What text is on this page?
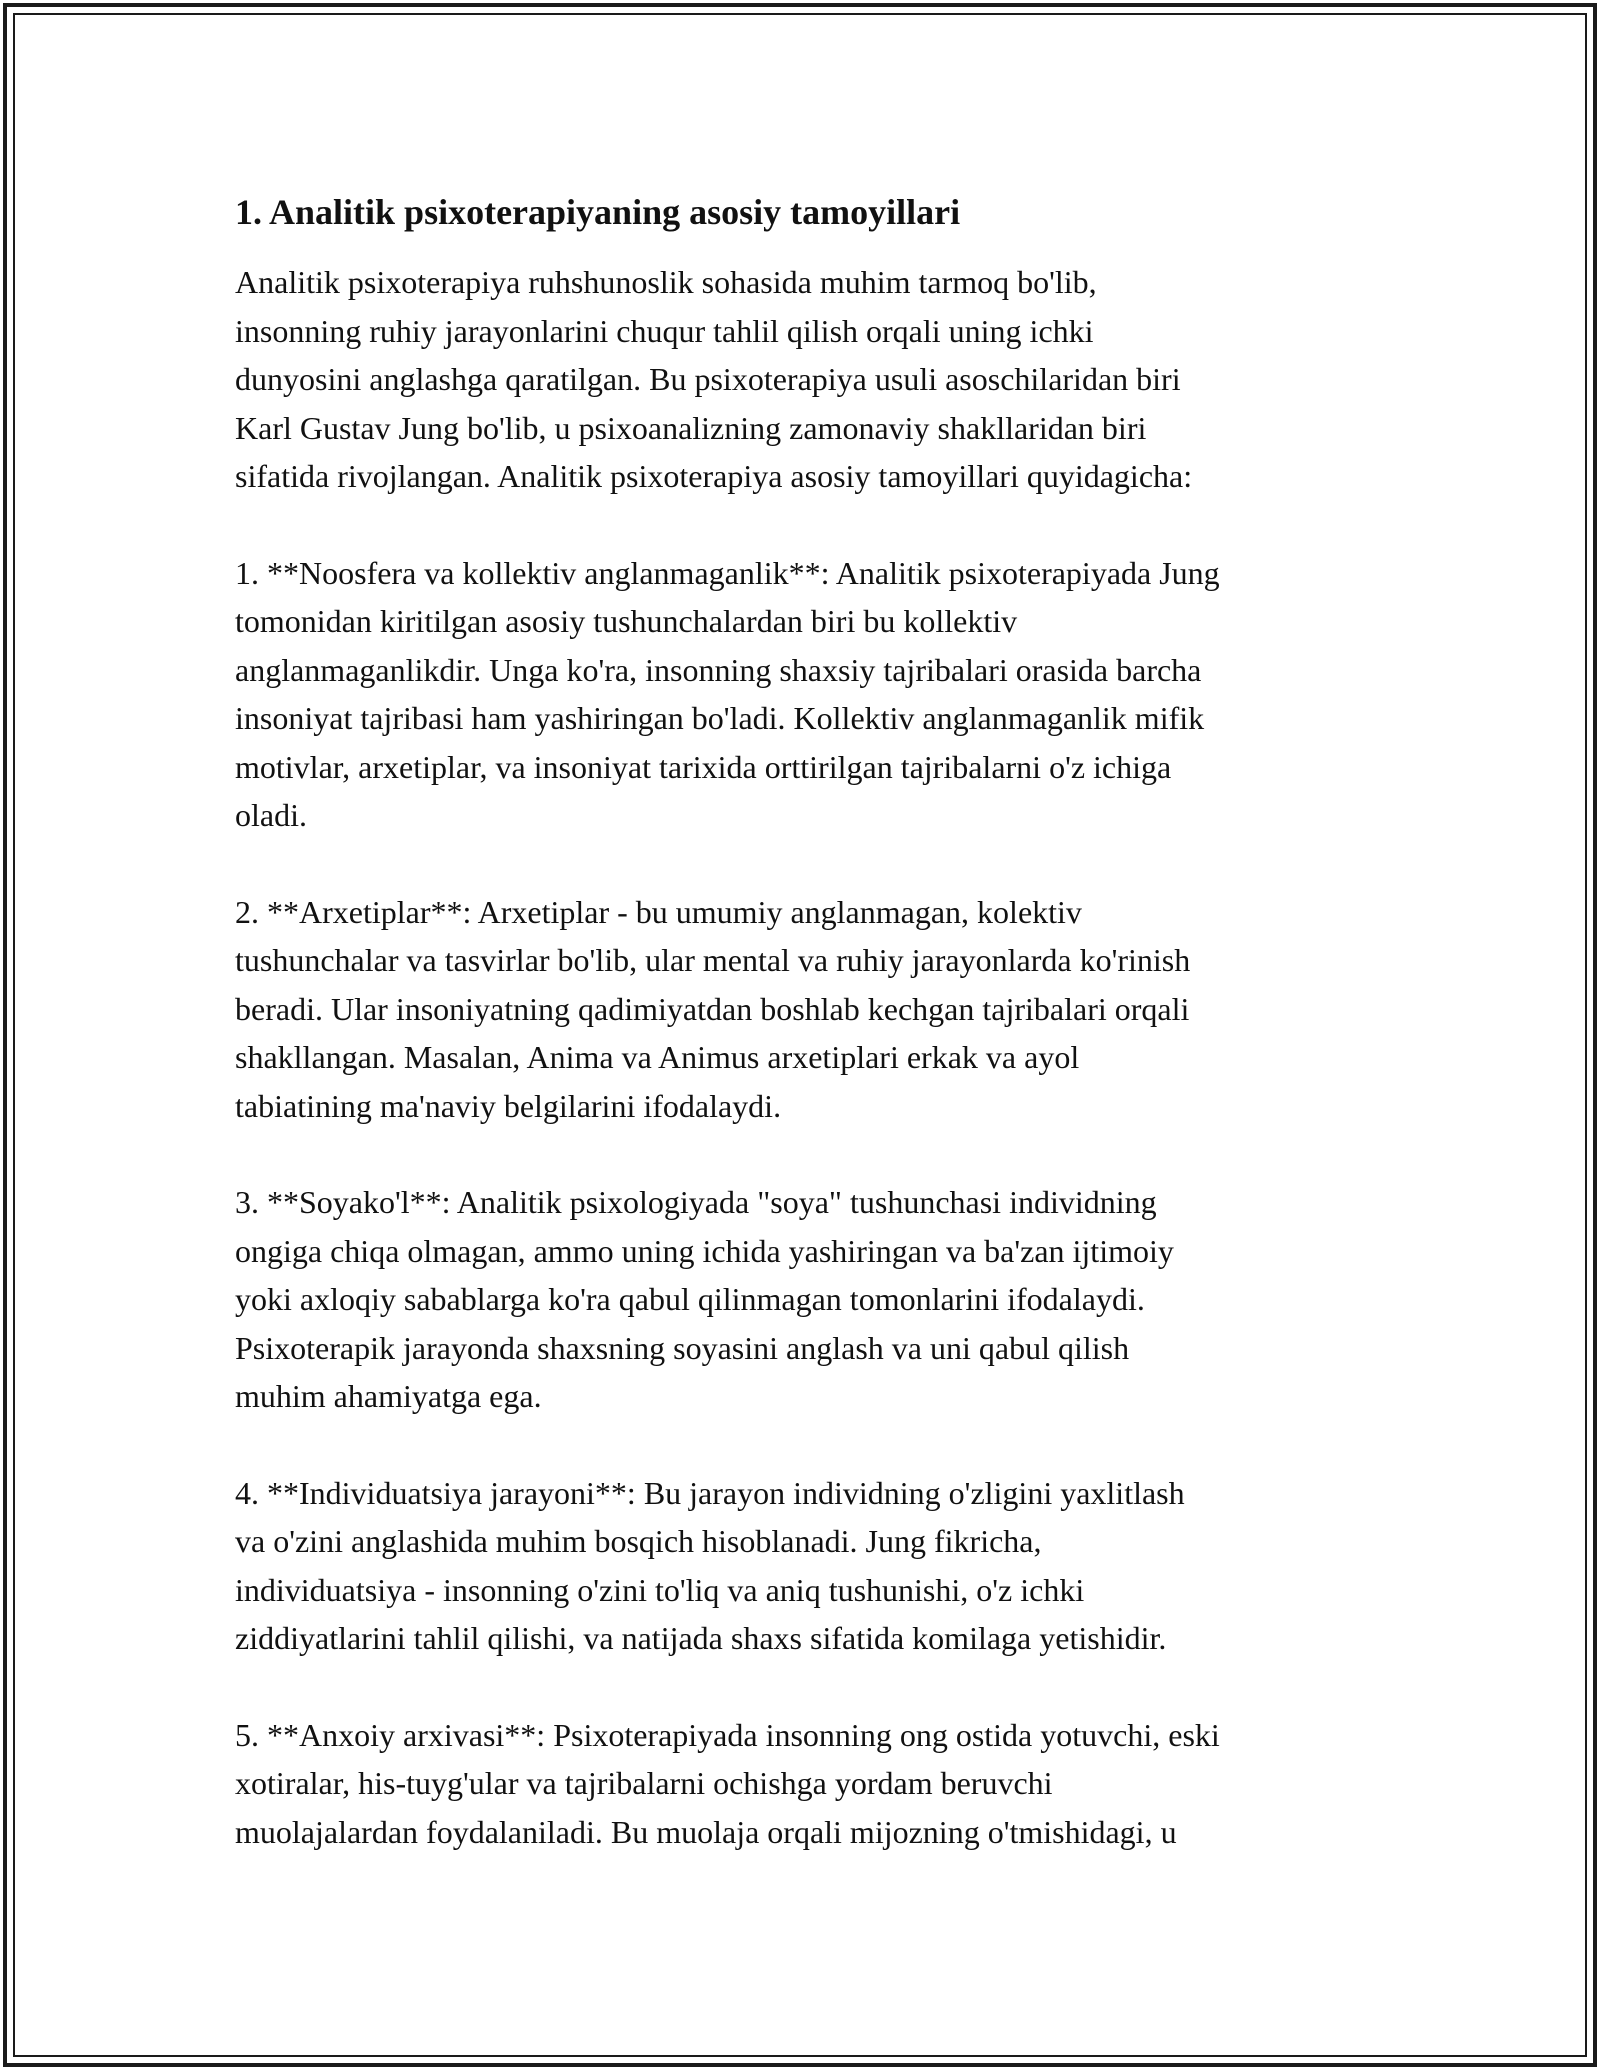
1. Analitik psixoterapiyaning asosiy tamoyillari

Analitik psixoterapiya ruhshunoslik sohasida muhim tarmoq bo'lib,
insonning ruhiy jarayonlarini chuqur tahlil qilish orqali uning ichki
dunyosini anglashga qaratilgan. Bu psixoterapiya usuli asoschilaridan biri
Karl Gustav Jung bo'lib, u psixoanalizning zamonaviy shakllaridan biri
sifatida rivojlangan. Analitik psixoterapiya asosiy tamoyillari quyidagicha:

1. **Noosfera va kollektiv anglanmaganlik**: Analitik psixoterapiyada Jung
tomonidan kiritilgan asosiy tushunchalardan biri bu kollektiv
anglanmaganlikdir. Unga ko'ra, insonning shaxsiy tajribalari orasida barcha
insoniyat tajribasi ham yashiringan bo'ladi. Kollektiv anglanmaganlik mifik
motivlar, arxetiplar, va insoniyat tarixida orttirilgan tajribalarni o'z ichiga
oladi.

2. **Arxetiplar**: Arxetiplar - bu umumiy anglanmagan, kolektiv
tushunchalar va tasvirlar bo'lib, ular mental va ruhiy jarayonlarda ko'rinish
beradi. Ular insoniyatning qadimiyatdan boshlab kechgan tajribalari orqali
shakllangan. Masalan, Anima va Animus arxetiplari erkak va ayol
tabiatining ma'naviy belgilarini ifodalaydi.

3. **Soyako'l**: Analitik psixologiyada "soya" tushunchasi individning
ongiga chiqa olmagan, ammo uning ichida yashiringan va ba'zan ijtimoiy
yoki axloqiy sabablarga ko'ra qabul qilinmagan tomonlarini ifodalaydi.
Psixoterapik jarayonda shaxsning soyasini anglash va uni qabul qilish
muhim ahamiyatga ega.

4. **Individuatsiya jarayoni**: Bu jarayon individning o'zligini yaxlitlash
va o'zini anglashida muhim bosqich hisoblanadi. Jung fikricha,
individuatsiya - insonning o'zini to'liq va aniq tushunishi, o'z ichki
ziddiyatlarini tahlil qilishi, va natijada shaxs sifatida komilaga yetishidir.

5. **Anxoiy arxivasi**: Psixoterapiyada insonning ong ostida yotuvchi, eski
xotiralar, his-tuyg'ular va tajribalarni ochishga yordam beruvchi
muolajalardan foydalaniladi. Bu muolaja orqali mijozning o'tmishidagi, u
